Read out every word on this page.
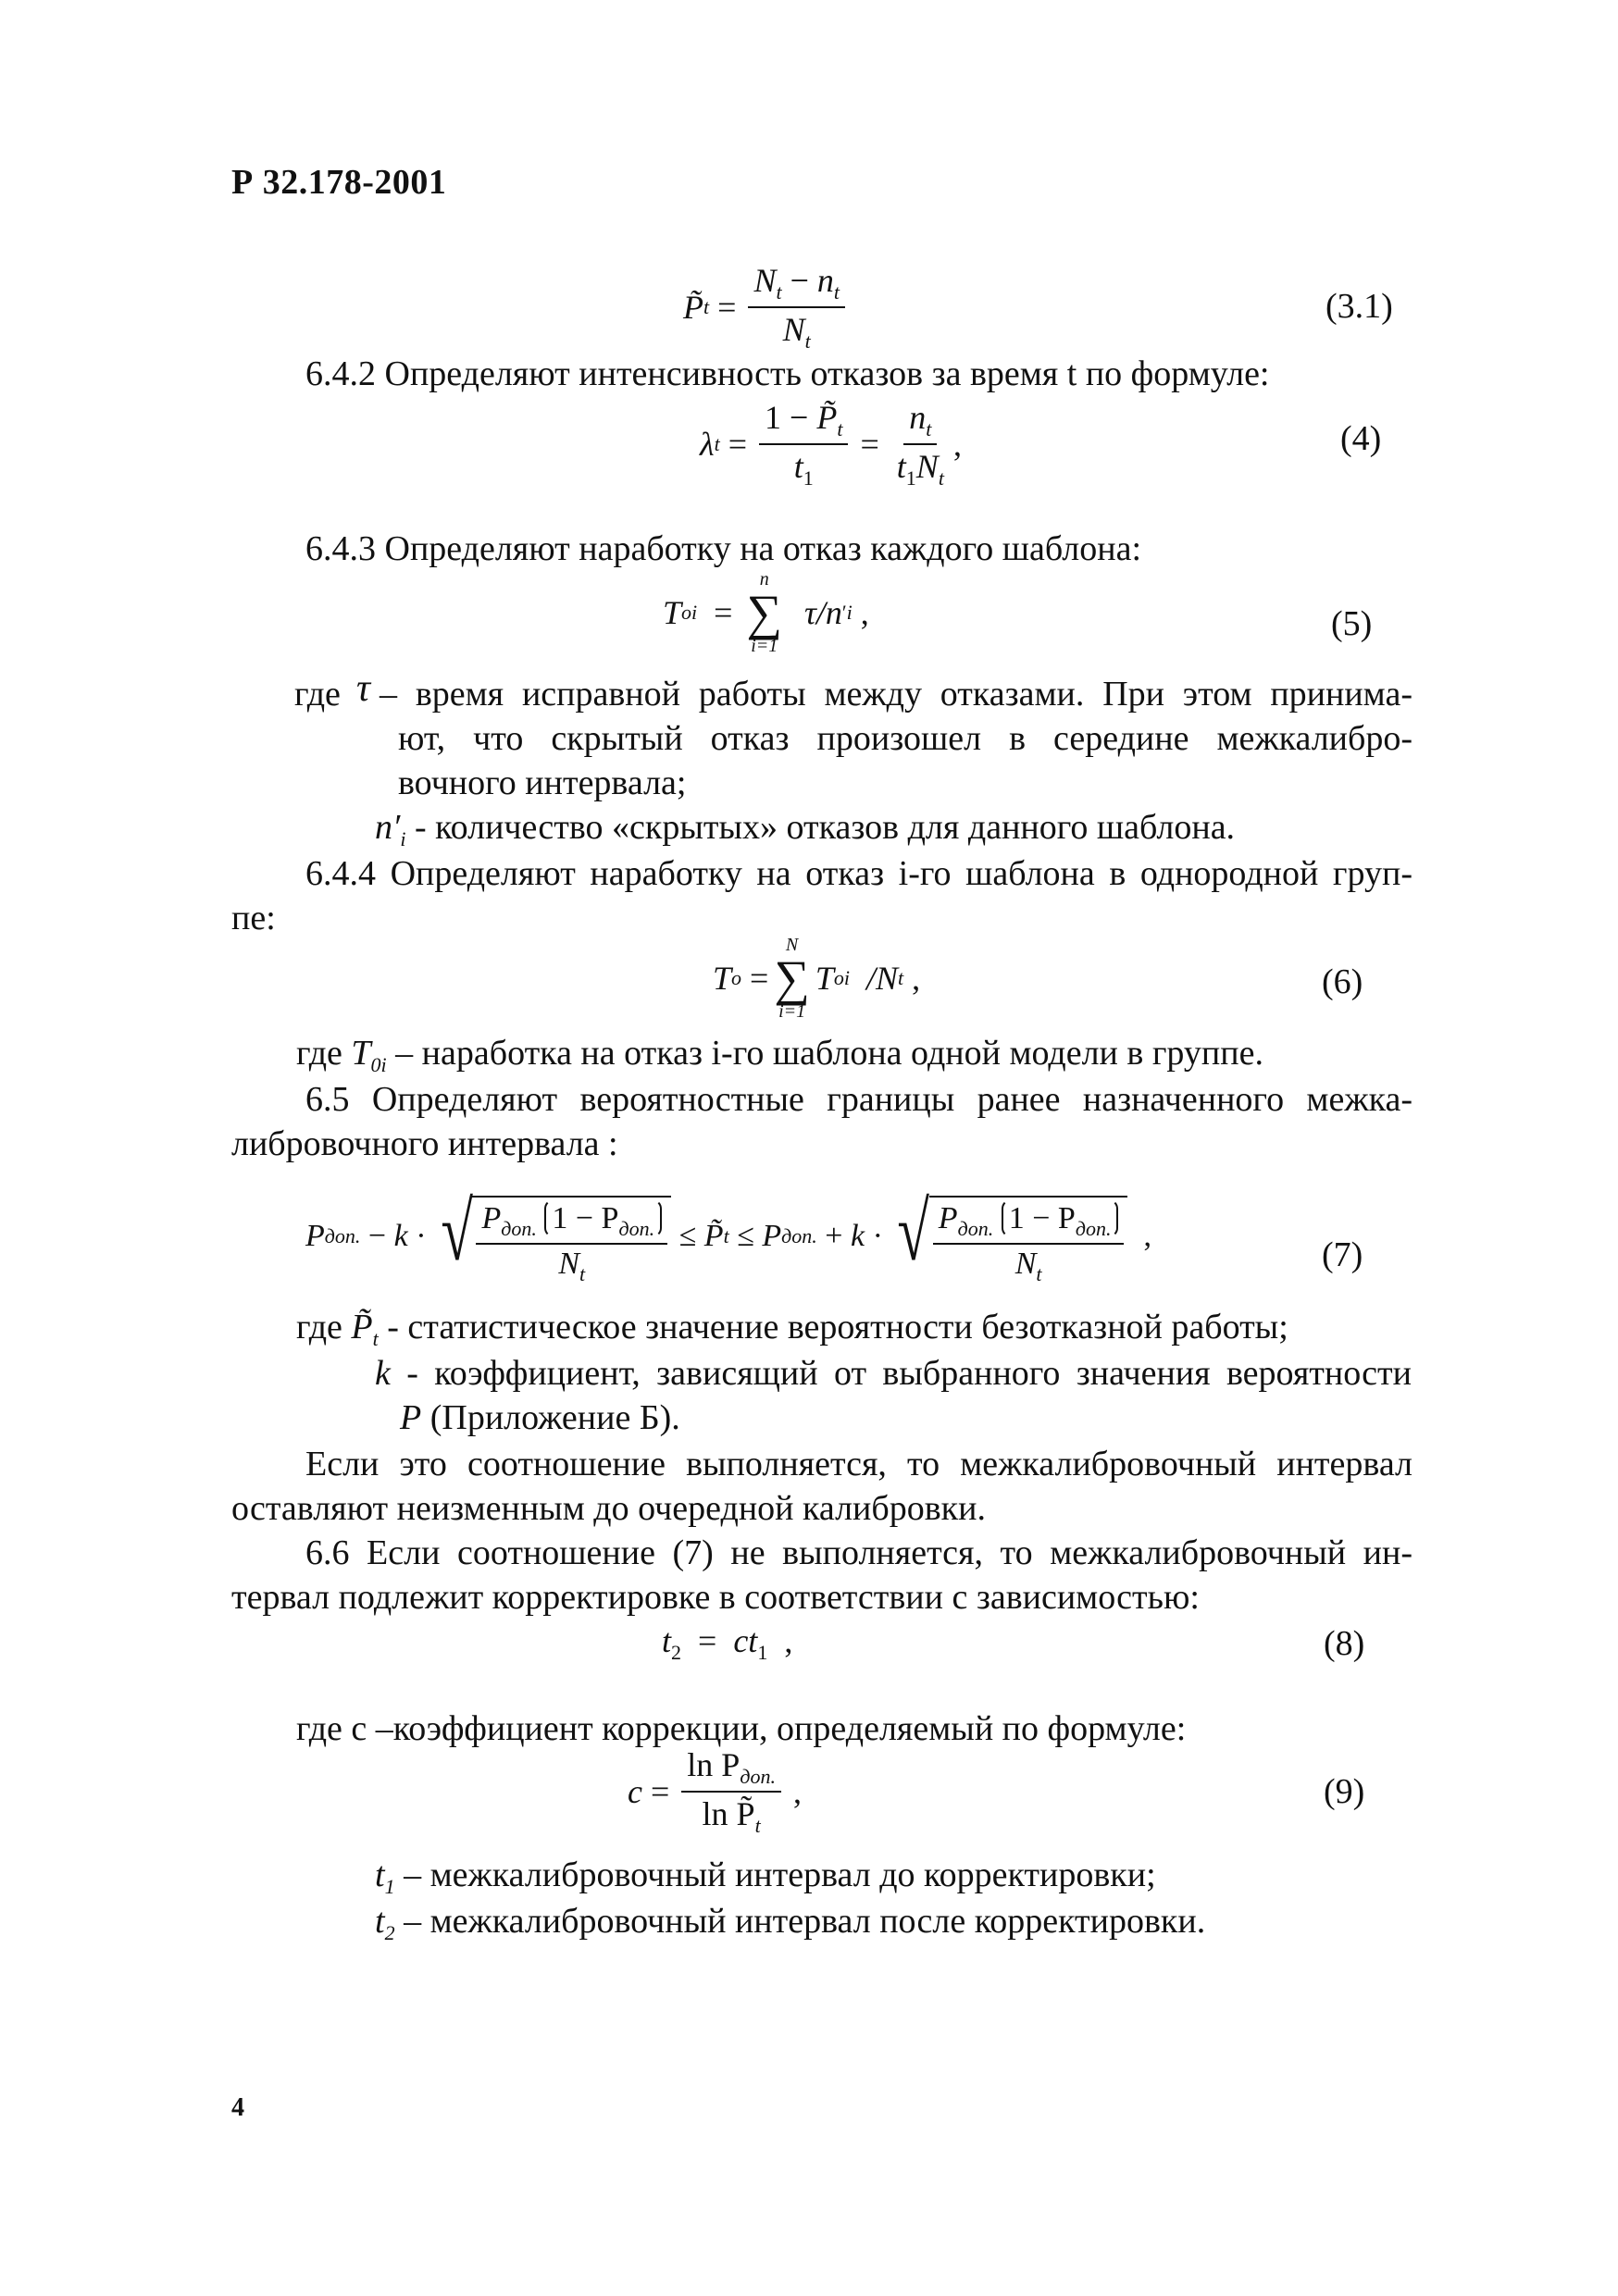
Р 32.178-2001
P̃ $t = \frac{N_t - n_t}{N_t}$	(3.1)
6.4.2 Определяют интенсивность отказов за время t по формуле:
λ $t = \frac{1 - P̃_t}{t_1} = \frac{n_t}{t_1N_t}$ ,	(4)
6.4.3 Определяют наработку на отказ каждого шаблона:
T oi =
n
∑
i=1

τ/n ′ i
,	(5)
где τ – время исправной работы между отказами. При этом принима-
ют, что скрытый отказ произошел в середине межкалибро-
вочного интервала;
$n'_i$ - количество «скрытых» отказов для данного шаблона.
6.4.4 Определяют наработку на отказ i-го шаблона в однородной груп-
пе:
T o =
N
∑
i=1
T oi
/N t
,	(6)
где $T_{0i}$ – наработка на отказ i-го шаблона одной модели в группе.
6.5 Определяют вероятностные границы ранее назначенного межка-
либровочного интервала :
P доп. − k · √ $\frac{P_{доп.} 1 - P_{доп.}}{N_t}$ ≤ P̃ t ≤ P доп. + k · √ $\frac{P_{доп.} 1 - P_{доп.}}{N_t}$
,	(7)
где $P̃_t$ - статистическое значение вероятности безотказной работы;
k - коэффициент, зависящий от выбранного значения вероятности
P (Приложение Б).
Если это соотношение выполняется, то межкалибровочный интервал
оставляют неизменным до очередной калибровки.
6.6 Если соотношение (7) не выполняется, то межкалибровочный ин-
тервал подлежит корректировке в соответствии с зависимостью:
$t_2 = ct_1$ ,	(8)
где с –коэффициент коррекции, определяемый по формуле:
$c = \frac{\ln P_{доп.}}{\ln P̃_t}$
,	(9)
$t_1$ – межкалибровочный интервал до корректировки;
$t_2$ – межкалибровочный интервал после корректировки.
4
